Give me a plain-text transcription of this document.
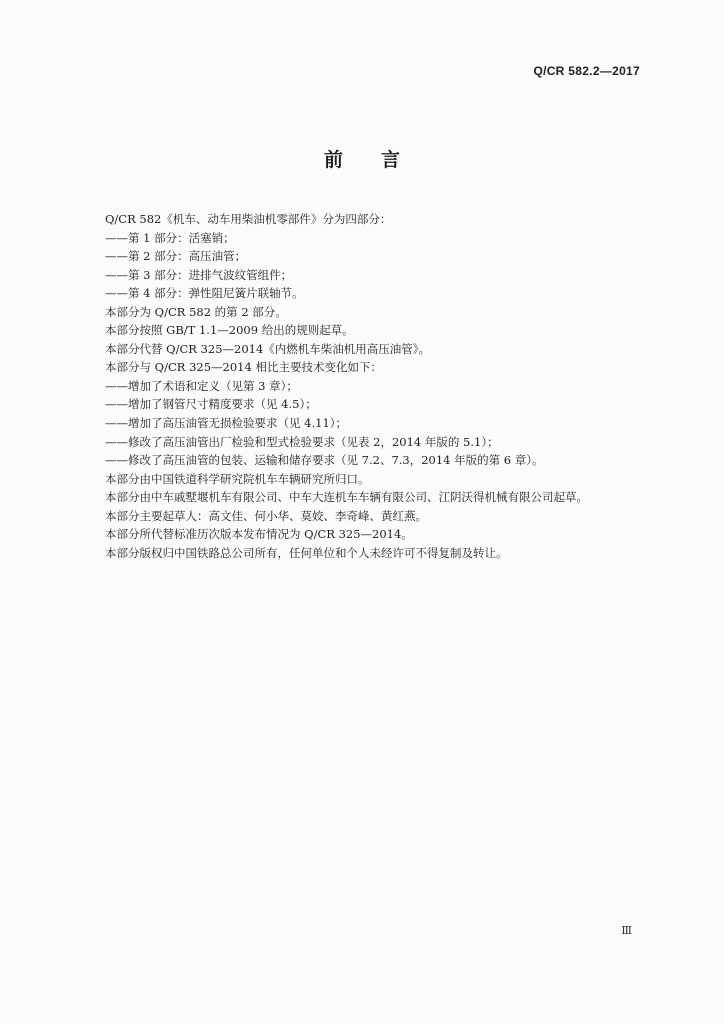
Q/CR 582.2—2017
前言
Q/CR 582《机车、动车用柴油机零部件》分为四部分：
——第 1 部分：活塞销；
——第 2 部分：高压油管；
——第 3 部分：进排气波纹管组件；
——第 4 部分：弹性阻尼簧片联轴节。
本部分为 Q/CR 582 的第 2 部分。
本部分按照 GB/T 1.1—2009 给出的规则起草。
本部分代替 Q/CR 325—2014《内燃机车柴油机用高压油管》。
本部分与 Q/CR 325—2014 相比主要技术变化如下：
——增加了术语和定义（见第 3 章）；
——增加了钢管尺寸精度要求（见 4.5）；
——增加了高压油管无损检验要求（见 4.11）；
——修改了高压油管出厂检验和型式检验要求（见表 2，2014 年版的 5.1）；
——修改了高压油管的包装、运输和储存要求（见 7.2、7.3，2014 年版的第 6 章）。
本部分由中国铁道科学研究院机车车辆研究所归口。
本部分由中车戚墅堰机车有限公司、中车大连机车车辆有限公司、江阴沃得机械有限公司起草。
本部分主要起草人：高文佳、何小华、莫姣、李奇峰、黄红燕。
本部分所代替标准历次版本发布情况为 Q/CR 325—2014。
本部分版权归中国铁路总公司所有，任何单位和个人未经许可不得复制及转让。
Ⅲ
